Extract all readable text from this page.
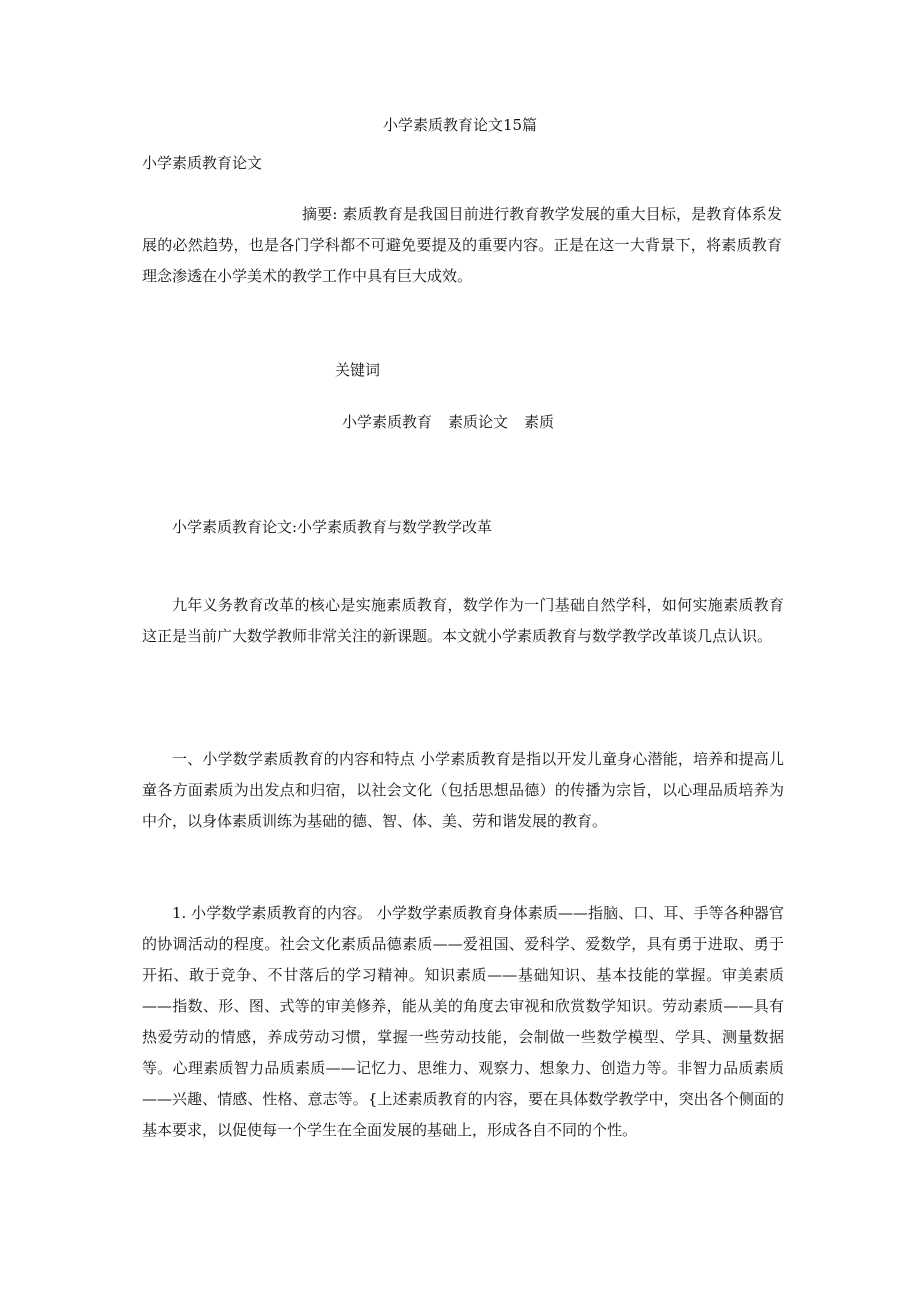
小学素质教育论文15篇

小学素质教育论文

摘要: 素质教育是我国目前进行教育教学发展的重大目标，是教育体系发展的必然趋势，也是各门学科都不可避免要提及的重要内容。正是在这一大背景下，将素质教育理念渗透在小学美术的教学工作中具有巨大成效。

关键词

小学素质教育 素质论文 素质

小学素质教育论文:小学素质教育与数学教学改革

九年义务教育改革的核心是实施素质教育，数学作为一门基础自然学科，如何实施素质教育这正是当前广大数学教师非常关注的新课题。本文就小学素质教育与数学教学改革谈几点认识。

一、小学数学素质教育的内容和特点 小学素质教育是指以开发儿童身心潜能，培养和提高儿童各方面素质为出发点和归宿，以社会文化（包括思想品德）的传播为宗旨，以心理品质培养为中介，以身体素质训练为基础的德、智、体、美、劳和谐发展的教育。

1. 小学数学素质教育的内容。 小学数学素质教育身体素质——指脑、口、耳、手等各种器官的协调活动的程度。社会文化素质品德素质——爱祖国、爱科学、爱数学，具有勇于进取、勇于开拓、敢于竞争、不甘落后的学习精神。知识素质——基础知识、基本技能的掌握。审美素质——指数、形、图、式等的审美修养，能从美的角度去审视和欣赏数学知识。劳动素质——具有热爱劳动的情感，养成劳动习惯，掌握一些劳动技能，会制做一些数学模型、学具、测量数据等。心理素质智力品质素质——记忆力、思维力、观察力、想象力、创造力等。非智力品质素质——兴趣、情感、性格、意志等。{上述素质教育的内容，要在具体数学教学中，突出各个侧面的基本要求，以促使每一个学生在全面发展的基础上，形成各自不同的个性。
